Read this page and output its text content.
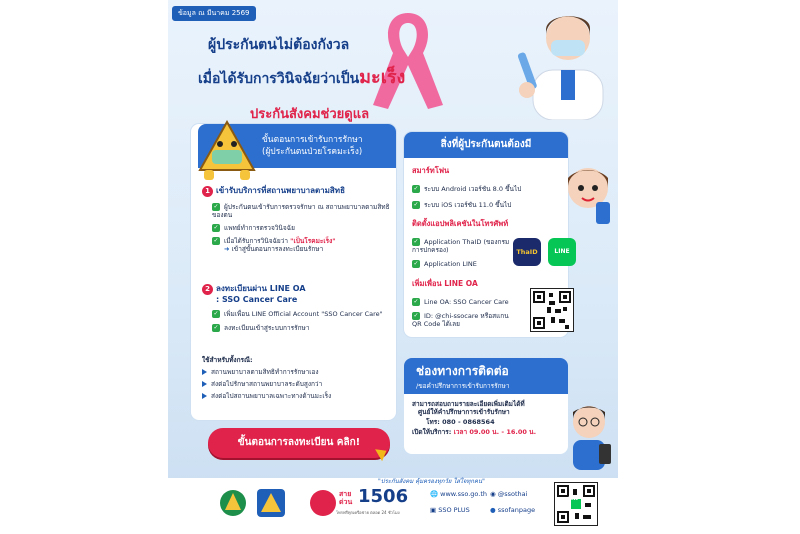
ข้อมูล ณ มีนาคม 2569
ผู้ประกันตนไม่ต้องกังวล
เมื่อได้รับการวินิจฉัยว่าเป็นมะเร็ง
ประกันสังคมช่วยดูแล
ขั้นตอนการเข้ารับการรักษา
(ผู้ประกันตนป่วยโรคมะเร็ง)
1 เข้ารับบริการที่สถานพยาบาลตามสิทธิ
✓ ผู้ประกันตนเข้ารับการตรวจรักษา ณ สถานพยาบาลตามสิทธิของตน
✓ แพทย์ทำการตรวจวินิจฉัย
✓ เมื่อได้รับการวินิจฉัยว่า "เป็นโรคมะเร็ง"
➜ เข้าสู่ขั้นตอนการลงทะเบียนรักษา
2 ลงทะเบียนผ่าน LINE OA
: SSO Cancer Care
✓ เพิ่มเพื่อน LINE Official Account "SSO Cancer Care"
✓ ลงทะเบียนเข้าสู่ระบบการรักษา
ใช้สำหรับทั้งกรณี:
สถานพยาบาลตามสิทธิทำการรักษาเอง
ส่งต่อไปรักษาสถานพยาบาลระดับสูงกว่า
ส่งต่อไปสถานพยาบาลเฉพาะทางด้านมะเร็ง
ขั้นตอนการลงทะเบียน คลิก!
สิ่งที่ผู้ประกันตนต้องมี
สมาร์ทโฟน
✓ ระบบ Android เวอร์ชัน 8.0 ขึ้นไป
✓ ระบบ iOS เวอร์ชัน 11.0 ขึ้นไป
ติดตั้งแอปพลิเคชันในโทรศัพท์
✓ Application ThaID (ของกรมการปกครอง)
✓ Application LINE
ThaID	LINE
เพิ่มเพื่อน LINE OA
✓ Line OA: SSO Cancer Care
✓ ID: @chi-ssocare หรือสแกน QR Code ได้เลย
ช่องทางการติดต่อ
/ขอคำปรึกษาการเข้ารับการรักษา
สามารถสอบถามรายละเอียดเพิ่มเติมได้ที่
ศูนย์ให้คำปรึกษาการเข้ารับรักษา
โทร: 080 - 0868564
เปิดให้บริการ: เวลา 09.00 น. - 16.00 น.
"ประกันสังคม คุ้มครองทุกวัย ใส่ใจทุกคน"
สาย
ด่วน 1506
โทรฟรีทุกเครือข่าย ตลอด 24 ชั่วโมง
🌐 www.sso.go.th
▣ SSO PLUS
◉ @ssothai
● ssofanpage
LINE
